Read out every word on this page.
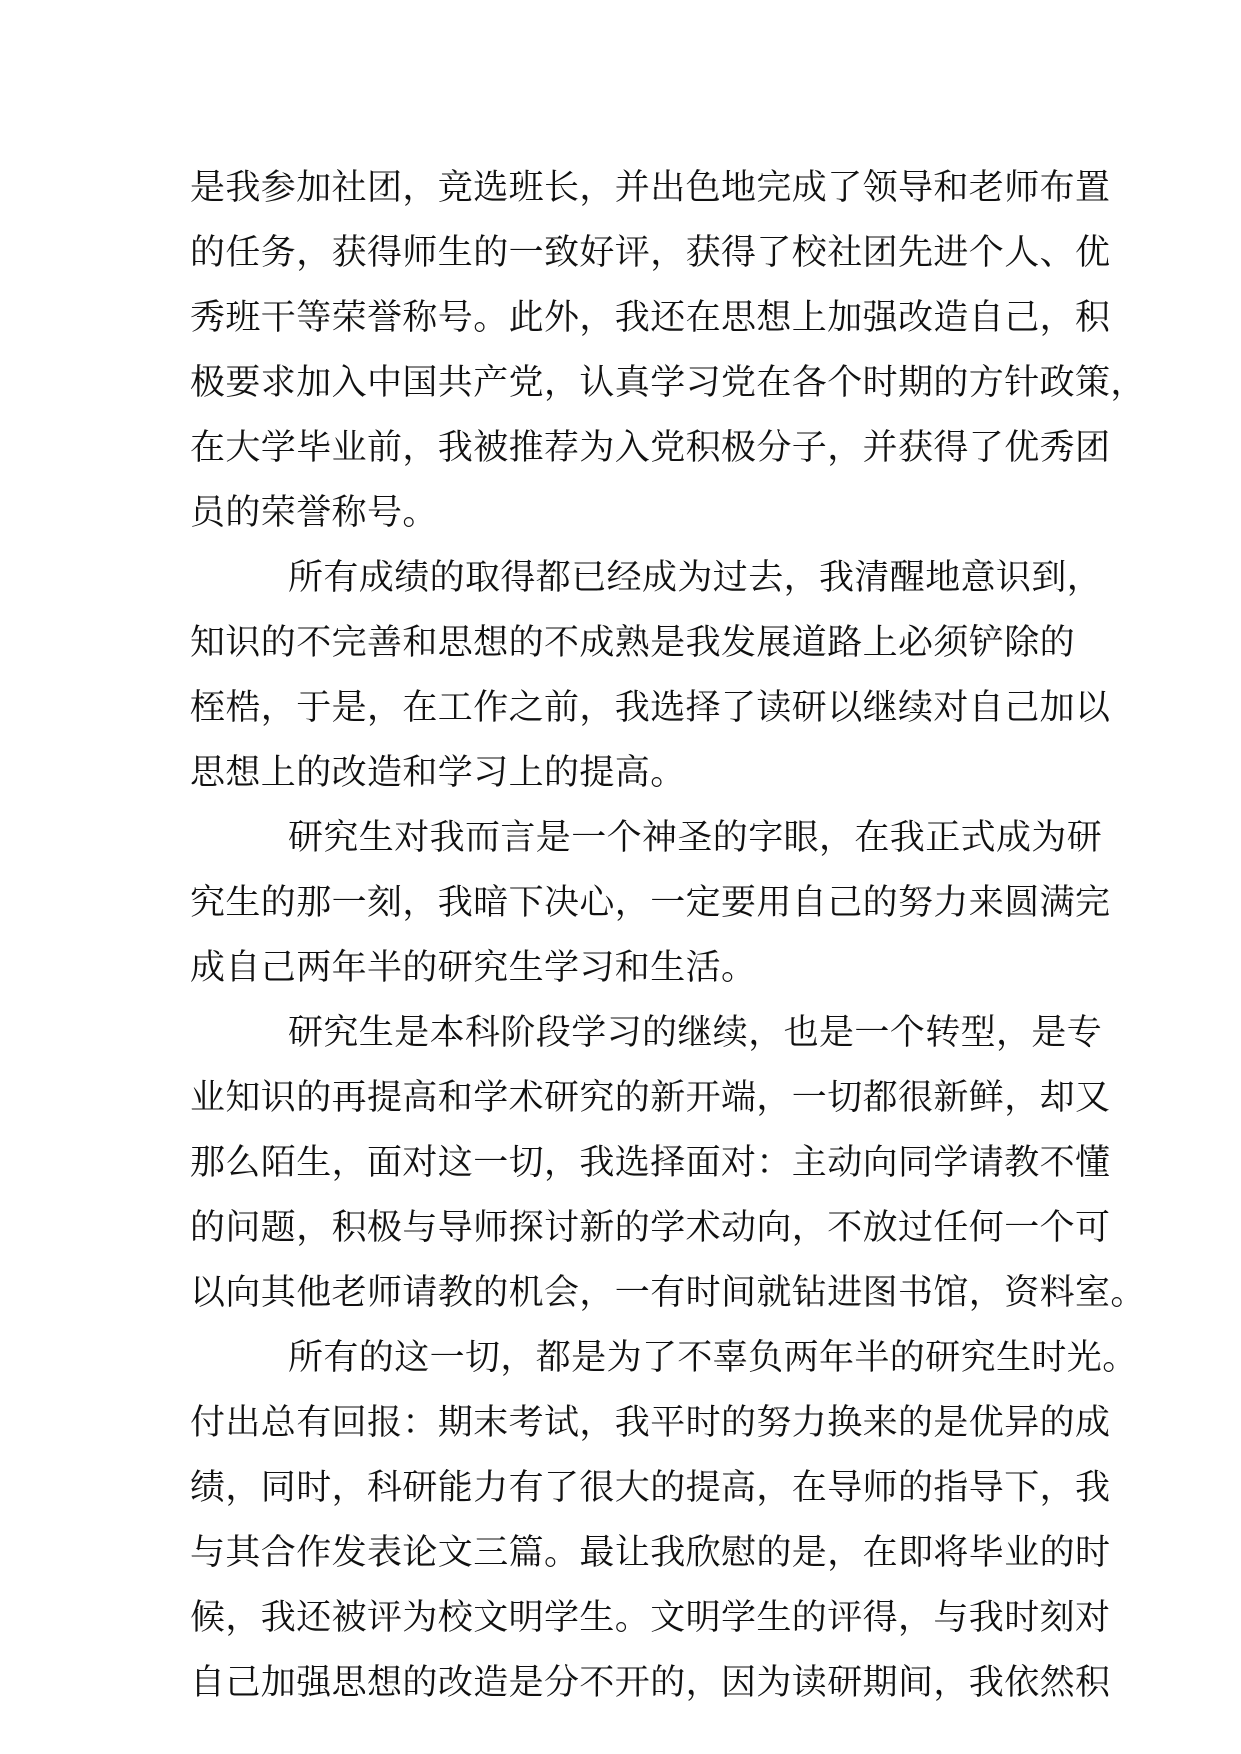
是我参加社团，竞选班长，并出色地完成了领导和老师布置
的任务，获得师生的一致好评，获得了校社团先进个人、优
秀班干等荣誉称号。此外，我还在思想上加强改造自己，积
极要求加入中国共产党，认真学习党在各个时期的方针政策，
在大学毕业前，我被推荐为入党积极分子，并获得了优秀团
员的荣誉称号。
所有成绩的取得都已经成为过去，我清醒地意识到，
知识的不完善和思想的不成熟是我发展道路上必须铲除的
桎梏，于是，在工作之前，我选择了读研以继续对自己加以
思想上的改造和学习上的提高。
研究生对我而言是一个神圣的字眼，在我正式成为研
究生的那一刻，我暗下决心，一定要用自己的努力来圆满完
成自己两年半的研究生学习和生活。
研究生是本科阶段学习的继续，也是一个转型，是专
业知识的再提高和学术研究的新开端，一切都很新鲜，却又
那么陌生，面对这一切，我选择面对：主动向同学请教不懂
的问题，积极与导师探讨新的学术动向，不放过任何一个可
以向其他老师请教的机会，一有时间就钻进图书馆，资料室。
所有的这一切，都是为了不辜负两年半的研究生时光。
付出总有回报：期末考试，我平时的努力换来的是优异的成
绩，同时，科研能力有了很大的提高，在导师的指导下，我
与其合作发表论文三篇。最让我欣慰的是，在即将毕业的时
候，我还被评为校文明学生。文明学生的评得，与我时刻对
自己加强思想的改造是分不开的，因为读研期间，我依然积
